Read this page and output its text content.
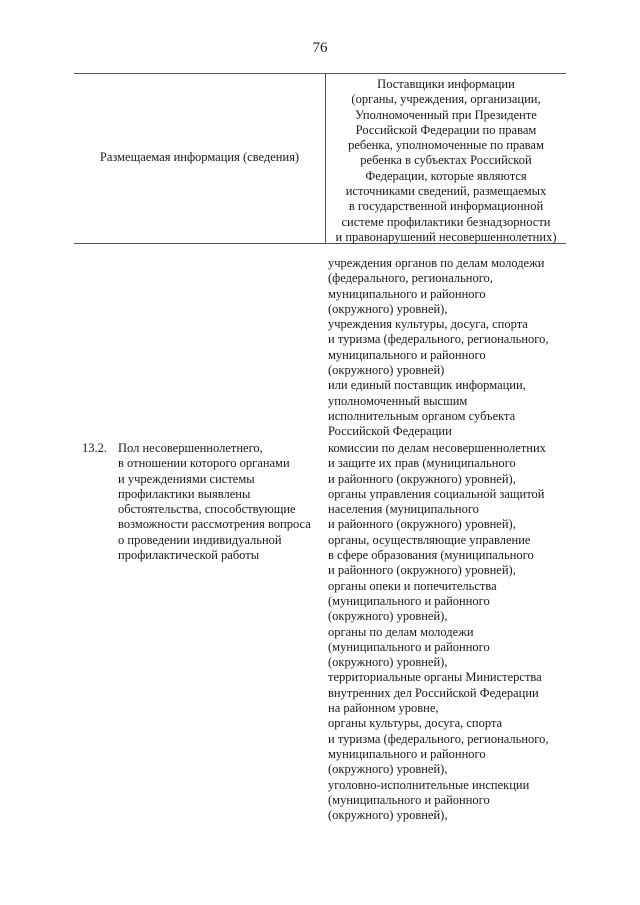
76
Размещаемая информация (сведения)
Поставщики информации
(органы, учреждения, организации,
Уполномоченный при Президенте
Российской Федерации по правам
ребенка, уполномоченные по правам
ребенка в субъектах Российской
Федерации, которые являются
источниками сведений, размещаемых
в государственной информационной
системе профилактики безнадзорности
и правонарушений несовершеннолетних)
учреждения органов по делам молодежи
(федерального, регионального,
муниципального и районного
(окружного) уровней),
учреждения культуры, досуга, спорта
и туризма (федерального, регионального,
муниципального и районного
(окружного) уровней)
или единый поставщик информации,
уполномоченный высшим
исполнительным органом субъекта
Российской Федерации
13.2. Пол несовершеннолетнего,
в отношении которого органами
и учреждениями системы
профилактики выявлены
обстоятельства, способствующие
возможности рассмотрения вопроса
о проведении индивидуальной
профилактической работы
комиссии по делам несовершеннолетних
и защите их прав (муниципального
и районного (окружного) уровней),
органы управления социальной защитой
населения (муниципального
и районного (окружного) уровней),
органы, осуществляющие управление
в сфере образования (муниципального
и районного (окружного) уровней),
органы опеки и попечительства
(муниципального и районного
(окружного) уровней),
органы по делам молодежи
(муниципального и районного
(окружного) уровней),
территориальные органы Министерства
внутренних дел Российской Федерации
на районном уровне,
органы культуры, досуга, спорта
и туризма (федерального, регионального,
муниципального и районного
(окружного) уровней),
уголовно-исполнительные инспекции
(муниципального и районного
(окружного) уровней),
